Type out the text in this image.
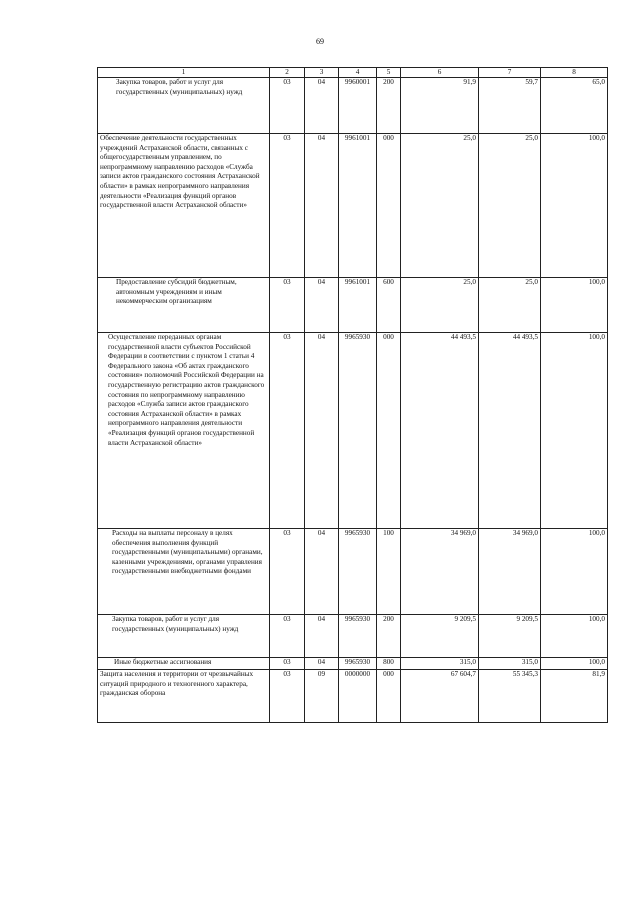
69
1	2	3	4	5	6	7	8
Закупка товаров, работ и услуг для государственных (муниципальных) нужд	03	04	9960001	200	91,9	59,7	65,0
Обеспечение деятельности государственных учреждений Астраханской области, связанных с общегосударственным управлением, по непрограммному направлению расходов «Служба записи актов гражданского состояния Астраханской области» в рамках непрограммного направления деятельности «Реализация функций органов государственной власти Астраханской области»	03	04	9961001	000	25,0	25,0	100,0
Предоставление субсидий бюджетным, автономным учреждениям и иным некоммерческим организациям	03	04	9961001	600	25,0	25,0	100,0
Осуществление переданных органам государственной власти субъектов Российской Федерации в соответствии с пунктом 1 статьи 4 Федерального закона «Об актах гражданского состояния» полномочий Российской Федерации на государственную регистрацию актов гражданского состояния по непрограммному направлению расходов «Служба записи актов гражданского состояния Астраханской области» в рамках непрограммного направления деятельности «Реализация функций органов государственной власти Астраханской области»	03	04	9965930	000	44 493,5	44 493,5	100,0
Расходы на выплаты персоналу в целях обеспечения выполнения функций государственными (муниципальными) органами, казенными учреждениями, органами управления государственными внебюджетными фондами	03	04	9965930	100	34 969,0	34 969,0	100,0
Закупка товаров, работ и услуг для государственных (муниципальных) нужд	03	04	9965930	200	9 209,5	9 209,5	100,0
Иные бюджетные ассигнования	03	04	9965930	800	315,0	315,0	100,0
Защита населения и территории от чрезвычайных ситуаций природного и техногенного характера, гражданская оборона	03	09	0000000	000	67 604,7	55 345,3	81,9
